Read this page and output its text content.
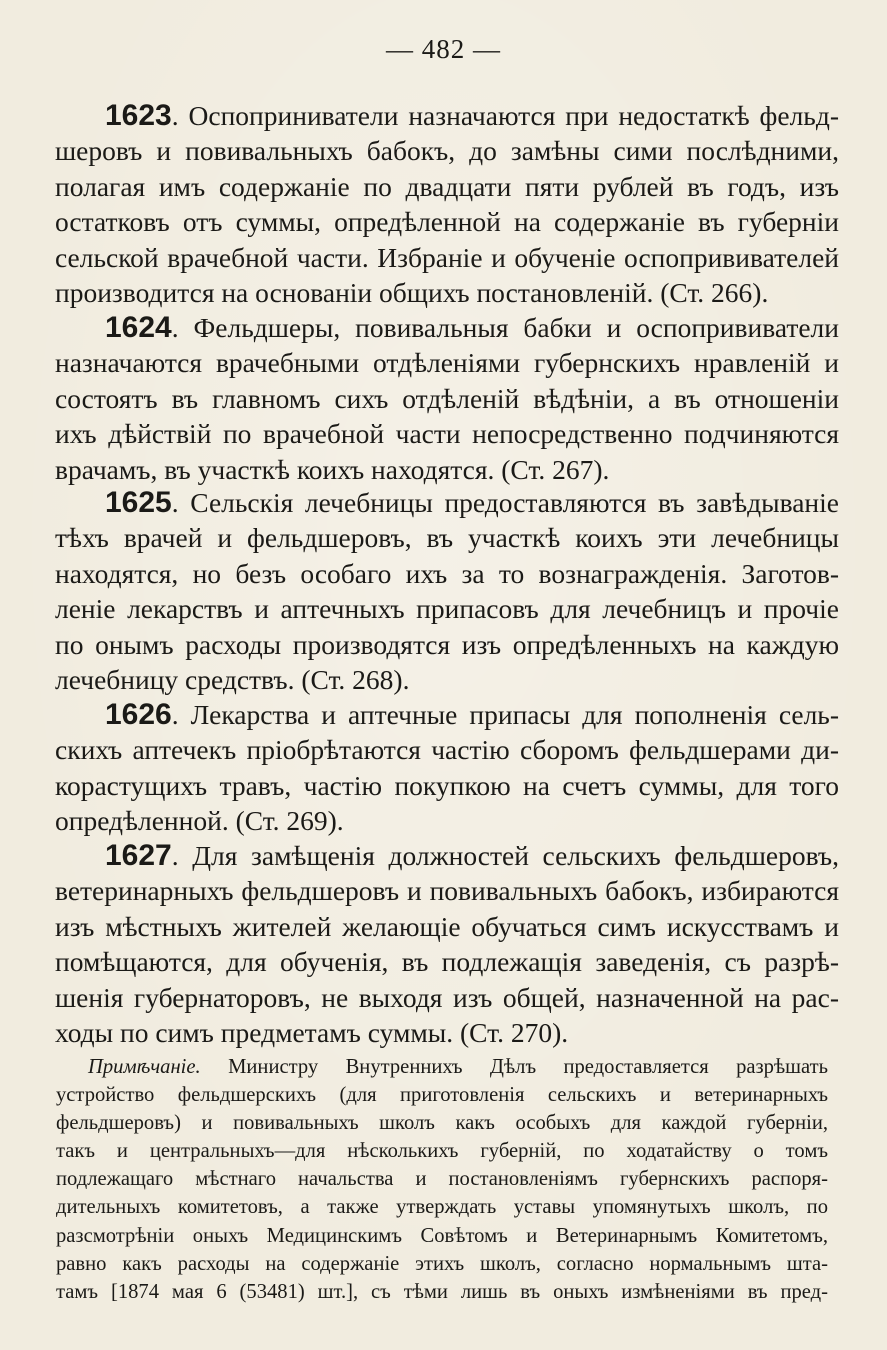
— 482 —
1623. Оспоприниватели назначаются при недостаткѣ фельд-
шеровъ и повивальныхъ бабокъ, до замѣны сими послѣдними,
полагая имъ содержаніе по двадцати пяти рублей въ годъ, изъ
остатковъ отъ суммы, опредѣленной на содержаніе въ губерніи
сельской врачебной части. Избраніе и обученіе оспопрививателей
производится на основаніи общихъ постановленій. (Ст. 266).
1624. Фельдшеры, повивальныя бабки и оспопрививатели
назначаются врачебными отдѣленіями губернскихъ нравленій и
состоятъ въ главномъ сихъ отдѣленій вѣдѣніи, а въ отношеніи
ихъ дѣйствій по врачебной части непосредственно подчиняются
врачамъ, въ участкѣ коихъ находятся. (Ст. 267).
1625. Сельскія лечебницы предоставляются въ завѣдываніе
тѣхъ врачей и фельдшеровъ, въ участкѣ коихъ эти лечебницы
находятся, но безъ особаго ихъ за то вознагражденія. Заготов-
леніе лекарствъ и аптечныхъ припасовъ для лечебницъ и прочіе
по онымъ расходы производятся изъ опредѣленныхъ на каждую
лечебницу средствъ. (Ст. 268).
1626. Лекарства и аптечные припасы для пополненія сель-
скихъ аптечекъ пріобрѣтаются частію сборомъ фельдшерами ди-
корастущихъ травъ, частію покупкою на счетъ суммы, для того
опредѣленной. (Ст. 269).
1627. Для замѣщенія должностей сельскихъ фельдшеровъ,
ветеринарныхъ фельдшеровъ и повивальныхъ бабокъ, избираются
изъ мѣстныхъ жителей желающіе обучаться симъ искусствамъ и
помѣщаются, для обученія, въ подлежащія заведенія, съ разрѣ-
шенія губернаторовъ, не выходя изъ общей, назначенной на рас-
ходы по симъ предметамъ суммы. (Ст. 270).
Примѣчаніе. Министру Внутреннихъ Дѣлъ предоставляется разрѣшать
устройство фельдшерскихъ (для приготовленія сельскихъ и ветеринарныхъ
фельдшеровъ) и повивальныхъ школъ какъ особыхъ для каждой губерніи,
такъ и центральныхъ—для нѣсколькихъ губерній, по ходатайству о томъ
подлежащаго мѣстнаго начальства и постановленіямъ губернскихъ распоря-
дительныхъ комитетовъ, а также утверждать уставы упомянутыхъ школъ, по
разсмотрѣніи оныхъ Медицинскимъ Совѣтомъ и Ветеринарнымъ Комитетомъ,
равно какъ расходы на содержаніе этихъ школъ, согласно нормальнымъ шта-
тамъ [1874 мая 6 (53481) шт.], съ тѣми лишь въ оныхъ измѣненіями въ пред-
